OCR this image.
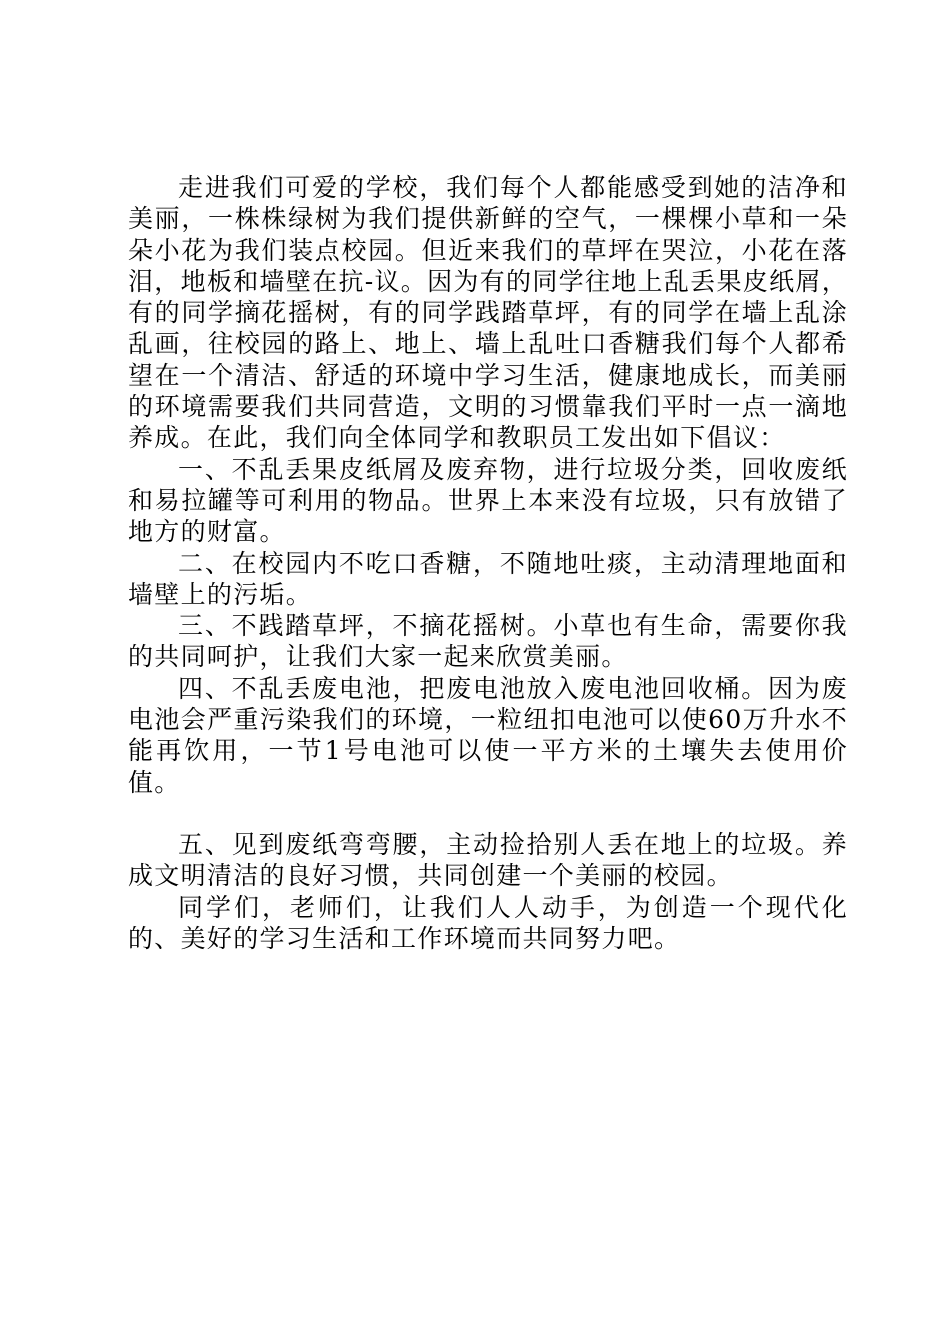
走进我们可爱的学校，我们每个人都能感受到她的洁净和美丽，一株株绿树为我们提供新鲜的空气，一棵棵小草和一朵朵小花为我们装点校园。但近来我们的草坪在哭泣，小花在落泪，地板和墙壁在抗-议。因为有的同学往地上乱丢果皮纸屑，有的同学摘花摇树，有的同学践踏草坪，有的同学在墙上乱涂乱画，往校园的路上、地上、墙上乱吐口香糖我们每个人都希望在一个清洁、舒适的环境中学习生活，健康地成长，而美丽的环境需要我们共同营造，文明的习惯靠我们平时一点一滴地养成。在此，我们向全体同学和教职员工发出如下倡议：

一、不乱丢果皮纸屑及废弃物，进行垃圾分类，回收废纸和易拉罐等可利用的物品。世界上本来没有垃圾，只有放错了地方的财富。

二、在校园内不吃口香糖，不随地吐痰，主动清理地面和墙壁上的污垢。

三、不践踏草坪，不摘花摇树。小草也有生命，需要你我的共同呵护，让我们大家一起来欣赏美丽。

四、不乱丢废电池，把废电池放入废电池回收桶。因为废电池会严重污染我们的环境，一粒纽扣电池可以使60万升水不能再饮用，一节1号电池可以使一平方米的土壤失去使用价值。

五、见到废纸弯弯腰，主动捡拾别人丢在地上的垃圾。养成文明清洁的良好习惯，共同创建一个美丽的校园。

同学们，老师们，让我们人人动手，为创造一个现代化的、美好的学习生活和工作环境而共同努力吧。
